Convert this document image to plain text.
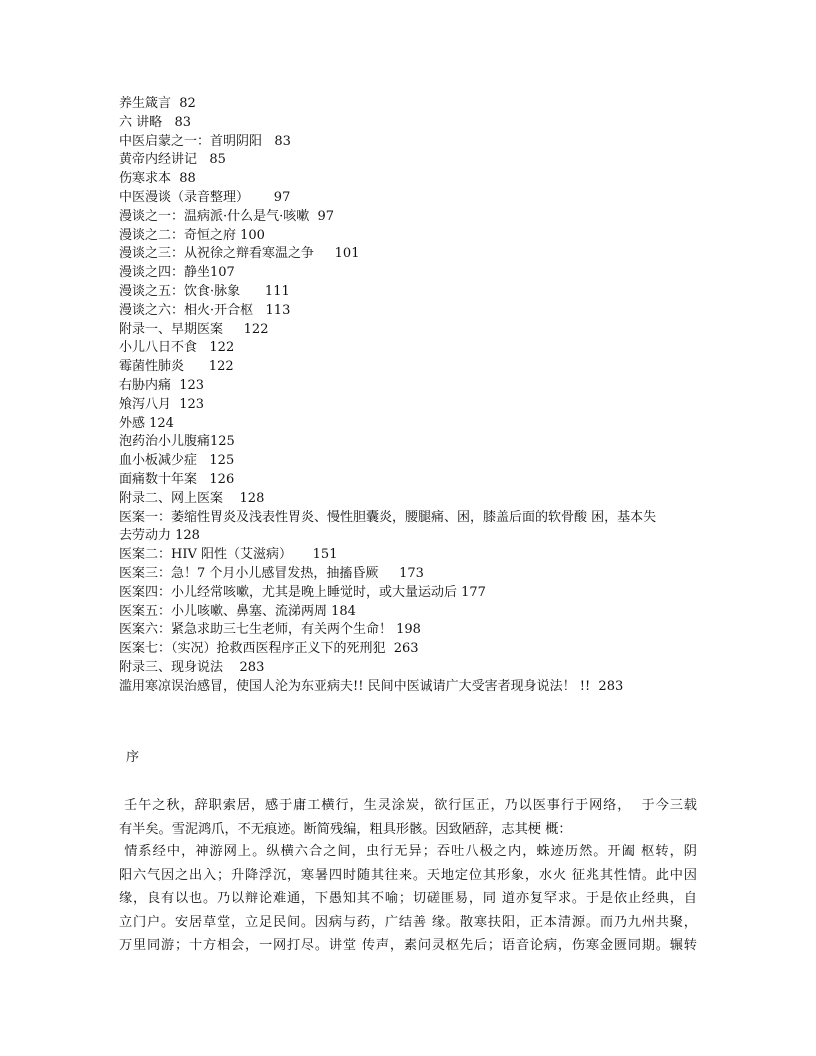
养生箴言  82
六 讲略   83
中医启蒙之一：首明阴阳   83
黄帝内经讲记   85
伤寒求本  88
中医漫谈（录音整理）      97
漫谈之一：温病派·什么是气·咳嗽  97
漫谈之二：奇恒之府 100
漫谈之三：从祝徐之辩看寒温之争     101
漫谈之四：静坐107
漫谈之五：饮食·脉象      111
漫谈之六：相火·开合枢   113
附录一、早期医案     122
小儿八日不食   122
霉菌性肺炎      122
右胁内痛  123
飧泻八月  123
外感 124
泡药治小儿腹痛125
血小板减少症   125
面痛数十年案   126
附录二、网上医案    128
医案一：萎缩性胃炎及浅表性胃炎、慢性胆囊炎，腰腿痛、困，膝盖后面的软骨酸 困，基本失
去劳动力 128
医案二：HIV 阳性（艾滋病）     151
医案三：急！7 个月小儿感冒发热，抽搐昏厥     173
医案四：小儿经常咳嗽，尤其是晚上睡觉时，或大量运动后 177
医案五：小儿咳嗽、鼻塞、流涕两周 184
医案六：紧急求助三七生老师，有关两个生命！ 198
医案七：（实况）抢救西医程序正义下的死刑犯  263
附录三、现身说法    283
滥用寒凉误治感冒，使国人沦为东亚病夫!! 民间中医诚请广大受害者现身说法！ !!  283
序
壬午之秋，辞职索居，感于庸工横行，生灵涂炭，欲行匡正，乃以医事行于网络，  于今三载
有半矣。雪泥鸿爪，不无痕迹。断简残编，粗具形骸。因致陋辞，志其梗 概：
情系经中，神游网上。纵横六合之间，虫行无异；吞吐八极之内，蛛迹历然。开阖 枢转，阴
阳六气因之出入；升降浮沉，寒暑四时随其往来。天地定位其形象，水火 征兆其性情。此中因
缘，良有以也。乃以辩论难通，下愚知其不喻；切磋匪易，同 道亦复罕求。于是依止经典，自
立门户。安居草堂，立足民间。因病与药，广结善 缘。散寒扶阳，正本清源。而乃九州共聚，
万里同游；十方相会，一网打尽。讲堂 传声，素问灵枢先后；语音论病，伤寒金匮同期。辗转
